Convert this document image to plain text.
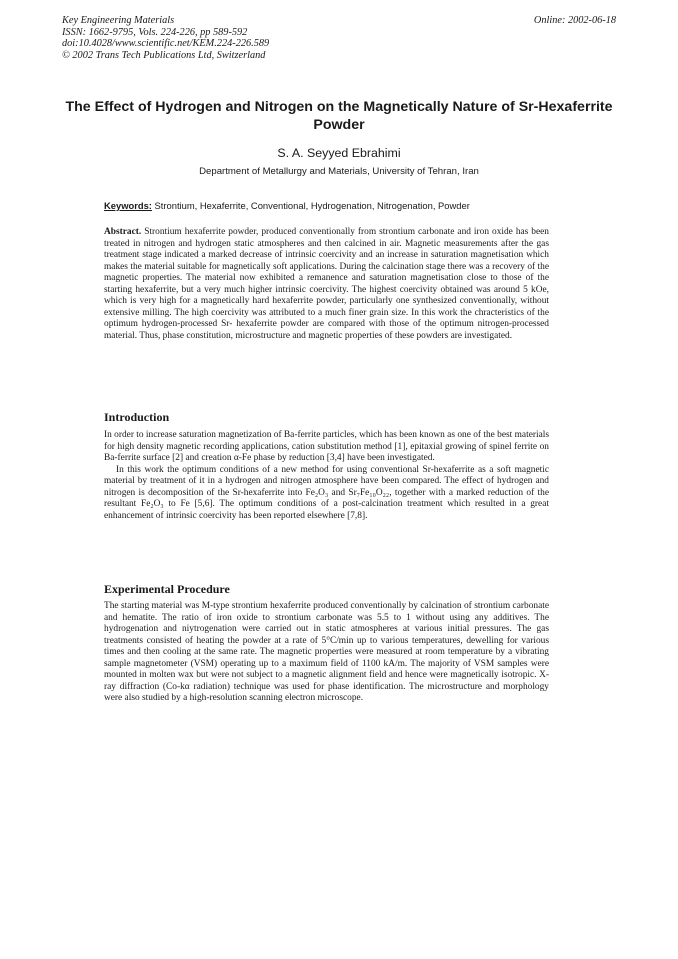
Key Engineering Materials
ISSN: 1662-9795, Vols. 224-226, pp 589-592
doi:10.4028/www.scientific.net/KEM.224-226.589
© 2002 Trans Tech Publications Ltd, Switzerland
Online: 2002-06-18
The Effect of Hydrogen and Nitrogen on the Magnetically Nature of Sr-Hexaferrite Powder
S. A. Seyyed Ebrahimi
Department of Metallurgy and Materials, University of Tehran, Iran
Keywords: Strontium, Hexaferrite, Conventional, Hydrogenation, Nitrogenation, Powder

Abstract. Strontium hexaferrite powder, produced conventionally from strontium carbonate and iron oxide has been treated in nitrogen and hydrogen static atmospheres and then calcined in air. Magnetic measurements after the gas treatment stage indicated a marked decrease of intrinsic coercivity and an increase in saturation magnetisation which makes the material suitable for magnetically soft applications. During the calcination stage there was a recovery of the magnetic properties. The material now exhibited a remanence and saturation magnetisation close to those of the starting hexaferrite, but a very much higher intrinsic coercivity. The highest coercivity obtained was around 5 kOe, which is very high for a magnetically hard hexaferrite powder, particularly one synthesized conventionally, without extensive milling. The high coercivity was attributed to a much finer grain size. In this work the chracteristics of the optimum hydrogen-processed Sr- hexaferrite powder are compared with those of the optimum nitrogen-processed material. Thus, phase constitution, microstructure and magnetic properties of these powders are investigated.

Introduction

In order to increase saturation magnetization of Ba-ferrite particles, which has been known as one of the best materials for high density magnetic recording applications, cation substitution method [1], epitaxial growing of spinel ferrite on Ba-ferrite surface [2] and creation α-Fe phase by reduction [3,4] have been investigated.

In this work the optimum conditions of a new method for using conventional Sr-hexaferrite as a soft magnetic material by treatment of it in a hydrogen and nitrogen atmosphere have been compared. The effect of hydrogen and nitrogen is decomposition of the Sr-hexaferrite into Fe₂O₃ and Sr₇Fe₁₀O₂₂, together with a marked reduction of the resultant Fe₂O₃ to Fe [5,6]. The optimum conditions of a post-calcination treatment which resulted in a great enhancement of intrinsic coercivity has been reported elsewhere [7,8].

Experimental Procedure

The starting material was M-type strontium hexaferrite produced conventionally by calcination of strontium carbonate and hematite. The ratio of iron oxide to strontium carbonate was 5.5 to 1 without using any additives. The hydrogenation and niytrogenation were carried out in static atmospheres at various initial pressures. The gas treatments consisted of heating the powder at a rate of 5°C/min up to various temperatures, dewelling for various times and then cooling at the same rate. The magnetic properties were measured at room temperature by a vibrating sample magnetometer (VSM) operating up to a maximum field of 1100 kA/m. The majority of VSM samples were mounted in molten wax but were not subject to a magnetic alignment field and hence were magnetically isotropic. X-ray diffraction (Co-kα radiation) technique was used for phase identification. The microstructure and morphology were also studied by a high-resolution scanning electron microscope.
